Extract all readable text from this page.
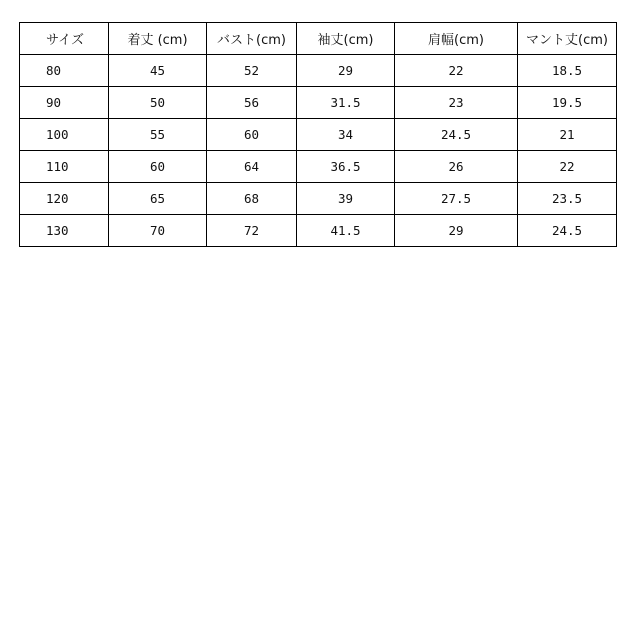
サイズ	着丈 (cm)	バスト(cm)	袖丈(cm)	肩幅(cm)	マント丈(cm)
80	45	52	29	22	18.5
90	50	56	31.5	23	19.5
100	55	60	34	24.5	21
110	60	64	36.5	26	22
120	65	68	39	27.5	23.5
130	70	72	41.5	29	24.5
